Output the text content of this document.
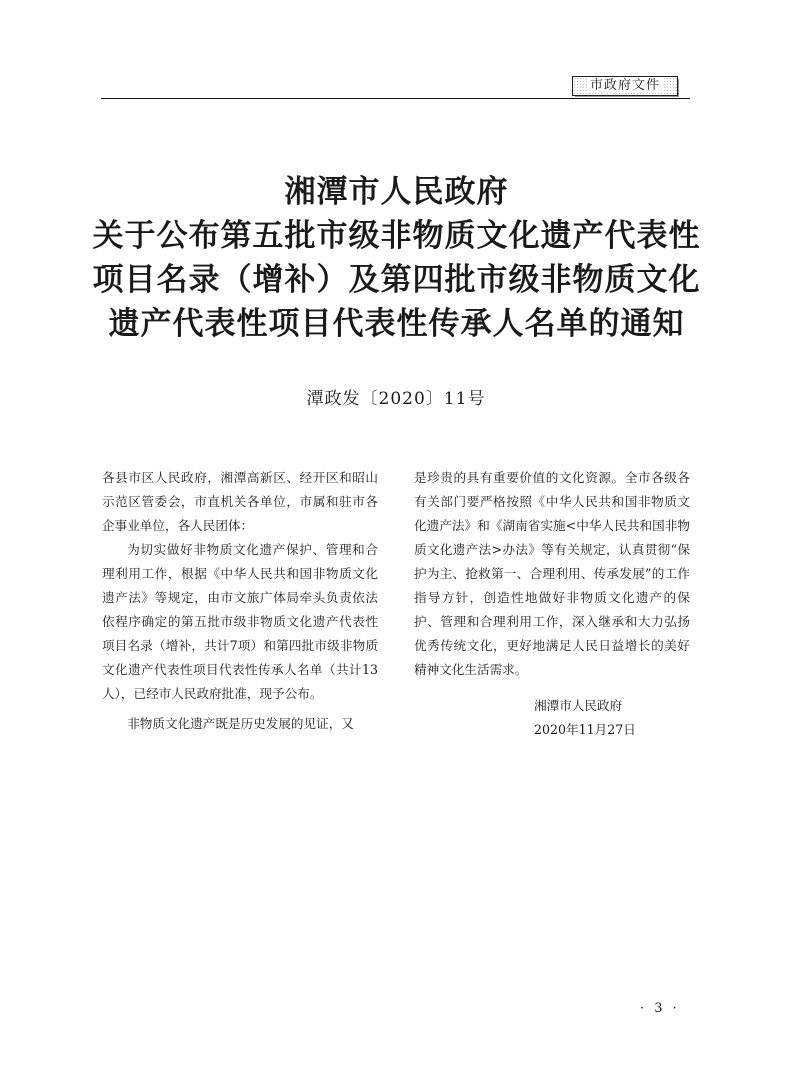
市政府文件
湘潭市人民政府
关于公布第五批市级非物质文化遗产代表性
项目名录（增补）及第四批市级非物质文化
遗产代表性项目代表性传承人名单的通知
潭政发〔2020〕11号

各县市区人民政府，湘潭高新区、经开区和昭山示范区管委会，市直机关各单位，市属和驻市各企事业单位，各人民团体：

为切实做好非物质文化遗产保护、管理和合理利用工作，根据《中华人民共和国非物质文化遗产法》等规定，由市文旅广体局牵头负责依法依程序确定的第五批市级非物质文化遗产代表性项目名录（增补，共计7项）和第四批市级非物质文化遗产代表性项目代表性传承人名单（共计13人），已经市人民政府批准，现予公布。

非物质文化遗产既是历史发展的见证，又

是珍贵的具有重要价值的文化资源。全市各级各有关部门要严格按照《中华人民共和国非物质文化遗产法》和《湖南省实施<中华人民共和国非物质文化遗产法>办法》等有关规定，认真贯彻“保护为主、抢救第一、合理利用、传承发展”的工作指导方针，创造性地做好非物质文化遗产的保护、管理和合理利用工作，深入继承和大力弘扬优秀传统文化，更好地满足人民日益增长的美好精神文化生活需求。

湘潭市人民政府

2020年11月27日

· 3 ·
